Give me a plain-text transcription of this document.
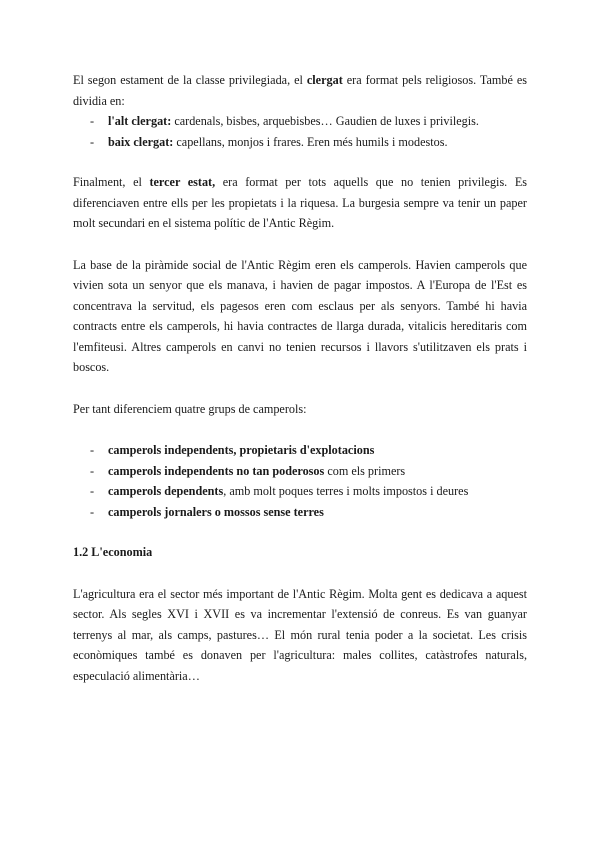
El segon estament de la classe privilegiada, el clergat era format pels religiosos. També es dividia en:

- l'alt clergat: cardenals, bisbes, arquebisbes… Gaudien de luxes i privilegis.
- baix clergat: capellans, monjos i frares. Eren més humils i modestos.

Finalment, el tercer estat, era format per tots aquells que no tenien privilegis. Es diferenciaven entre ells per les propietats i la riquesa. La burgesia sempre va tenir un paper molt secundari en el sistema polític de l'Antic Règim.

La base de la piràmide social de l'Antic Règim eren els camperols. Havien camperols que vivien sota un senyor que els manava, i havien de pagar impostos. A l'Europa de l'Est es concentrava la servitud, els pagesos eren com esclaus per als senyors. També hi havia contracts entre els camperols, hi havia contractes de llarga durada, vitalicis hereditaris com l'emfiteusi. Altres camperols en canvi no tenien recursos i llavors s'utilitzaven els prats i boscos.

Per tant diferenciem quatre grups de camperols:

- camperols independents, propietaris d'explotacions
- camperols independents no tan poderosos com els primers
- camperols dependents, amb molt poques terres i molts impostos i deures
- camperols jornalers o mossos sense terres
1.2 L'economia

L'agricultura era el sector més important de l'Antic Règim. Molta gent es dedicava a aquest sector. Als segles XVI i XVII es va incrementar l'extensió de conreus. Es van guanyar terrenys al mar, als camps, pastures… El món rural tenia poder a la societat. Les crisis econòmiques també es donaven per l'agricultura: males collites, catàstrofes naturals, especulació alimentària…
